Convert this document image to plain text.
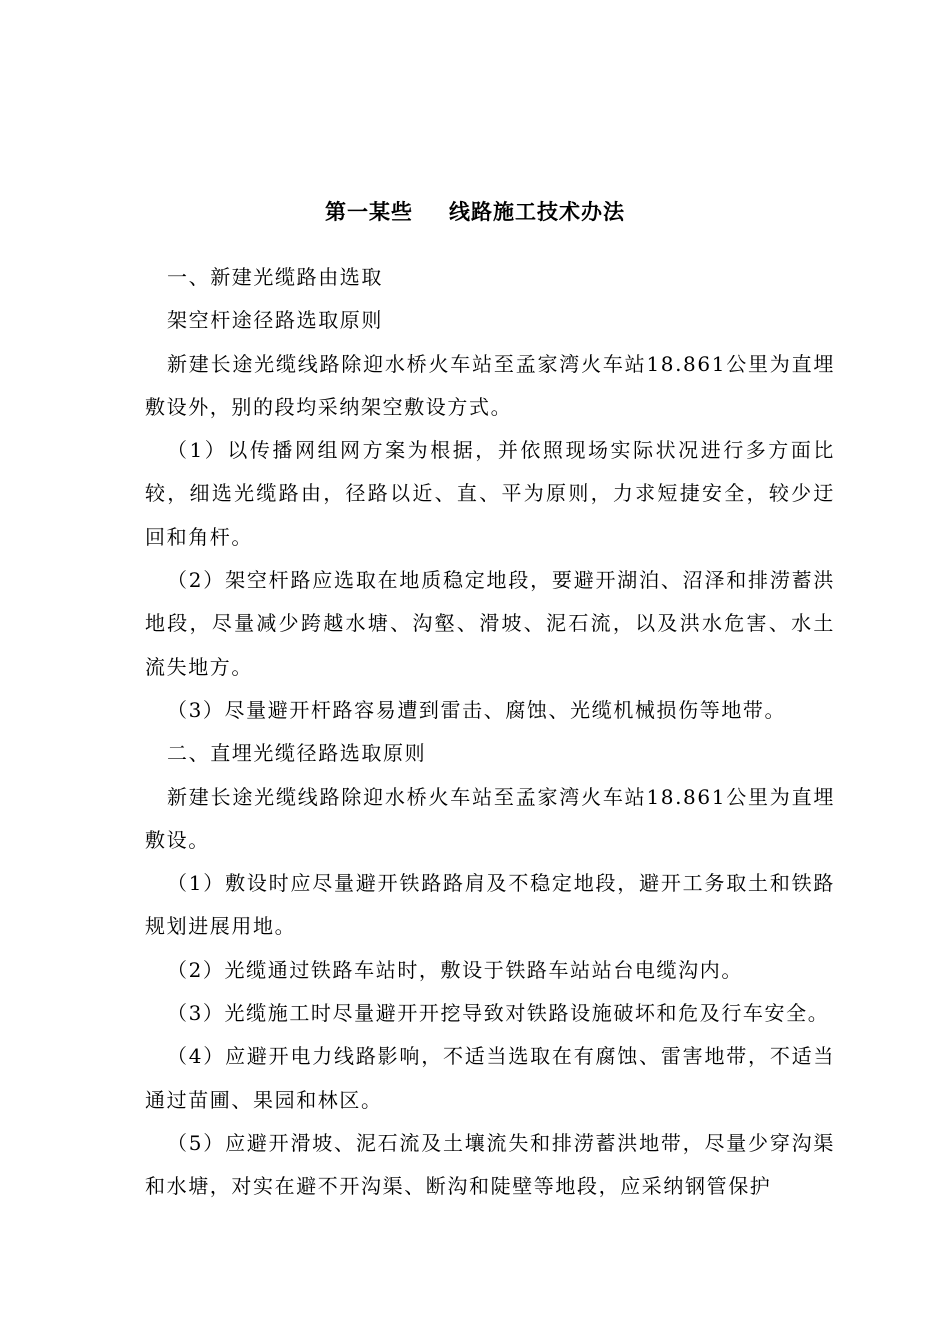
第一某些 线路施工技术办法

一、新建光缆路由选取

架空杆途径路选取原则

新建长途光缆线路除迎水桥火车站至孟家湾火车站18.861公里为直埋敷设外，别的段均采纳架空敷设方式。

（1）以传播网组网方案为根据，并依照现场实际状况进行多方面比较，细选光缆路由，径路以近、直、平为原则，力求短捷安全，较少迂回和角杆。

（2）架空杆路应选取在地质稳定地段，要避开湖泊、沼泽和排涝蓄洪地段，尽量减少跨越水塘、沟壑、滑坡、泥石流，以及洪水危害、水土流失地方。

（3）尽量避开杆路容易遭到雷击、腐蚀、光缆机械损伤等地带。

二、直埋光缆径路选取原则

新建长途光缆线路除迎水桥火车站至孟家湾火车站18.861公里为直埋敷设。

（1）敷设时应尽量避开铁路路肩及不稳定地段，避开工务取土和铁路规划进展用地。

（2）光缆通过铁路车站时，敷设于铁路车站站台电缆沟内。

（3）光缆施工时尽量避开开挖导致对铁路设施破坏和危及行车安全。

（4）应避开电力线路影响，不适当选取在有腐蚀、雷害地带，不适当通过苗圃、果园和林区。

（5）应避开滑坡、泥石流及土壤流失和排涝蓄洪地带，尽量少穿沟渠和水塘，对实在避不开沟渠、断沟和陡壁等地段，应采纳钢管保护
